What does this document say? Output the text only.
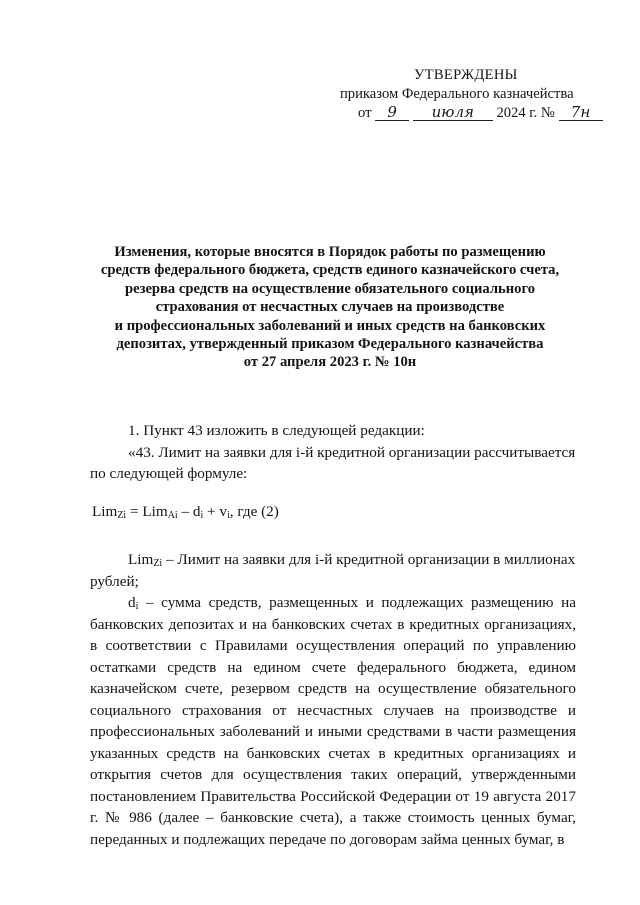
УТВЕРЖДЕНЫ
приказом Федерального казначейства
от 9 июля 2024 г. № 7н
Изменения, которые вносятся в Порядок работы по размещению
средств федерального бюджета, средств единого казначейского счета,
резерва средств на осуществление обязательного социального
страхования от несчастных случаев на производстве
и профессиональных заболеваний и иных средств на банковских
депозитах, утвержденный приказом Федерального казначейства
от 27 апреля 2023 г. № 10н

1. Пункт 43 изложить в следующей редакции:

«43. Лимит на заявки для i-й кредитной организации рассчитывается

по следующей формуле:

$Lim_{Zi} = Lim_{Ai} - d_i + v_i$, где (2)

Lim$_{Zi}$ – Лимит на заявки для i-й кредитной организации в миллионах рублей;

$d_i$ – сумма средств, размещенных и подлежащих размещению на банковских депозитах и на банковских счетах в кредитных организациях, в соответствии с Правилами осуществления операций по управлению остатками средств на едином счете федерального бюджета, едином казначейском счете, резервом средств на осуществление обязательного социального страхования от несчастных случаев на производстве и профессиональных заболеваний и иными средствами в части размещения указанных средств на банковских счетах в кредитных организациях и открытия счетов для осуществления таких операций, утвержденными постановлением Правительства Российской Федерации от 19 августа 2017 г. № 986 (далее – банковские счета), а также стоимость ценных бумаг, переданных и подлежащих передаче по договорам займа ценных бумаг, в
